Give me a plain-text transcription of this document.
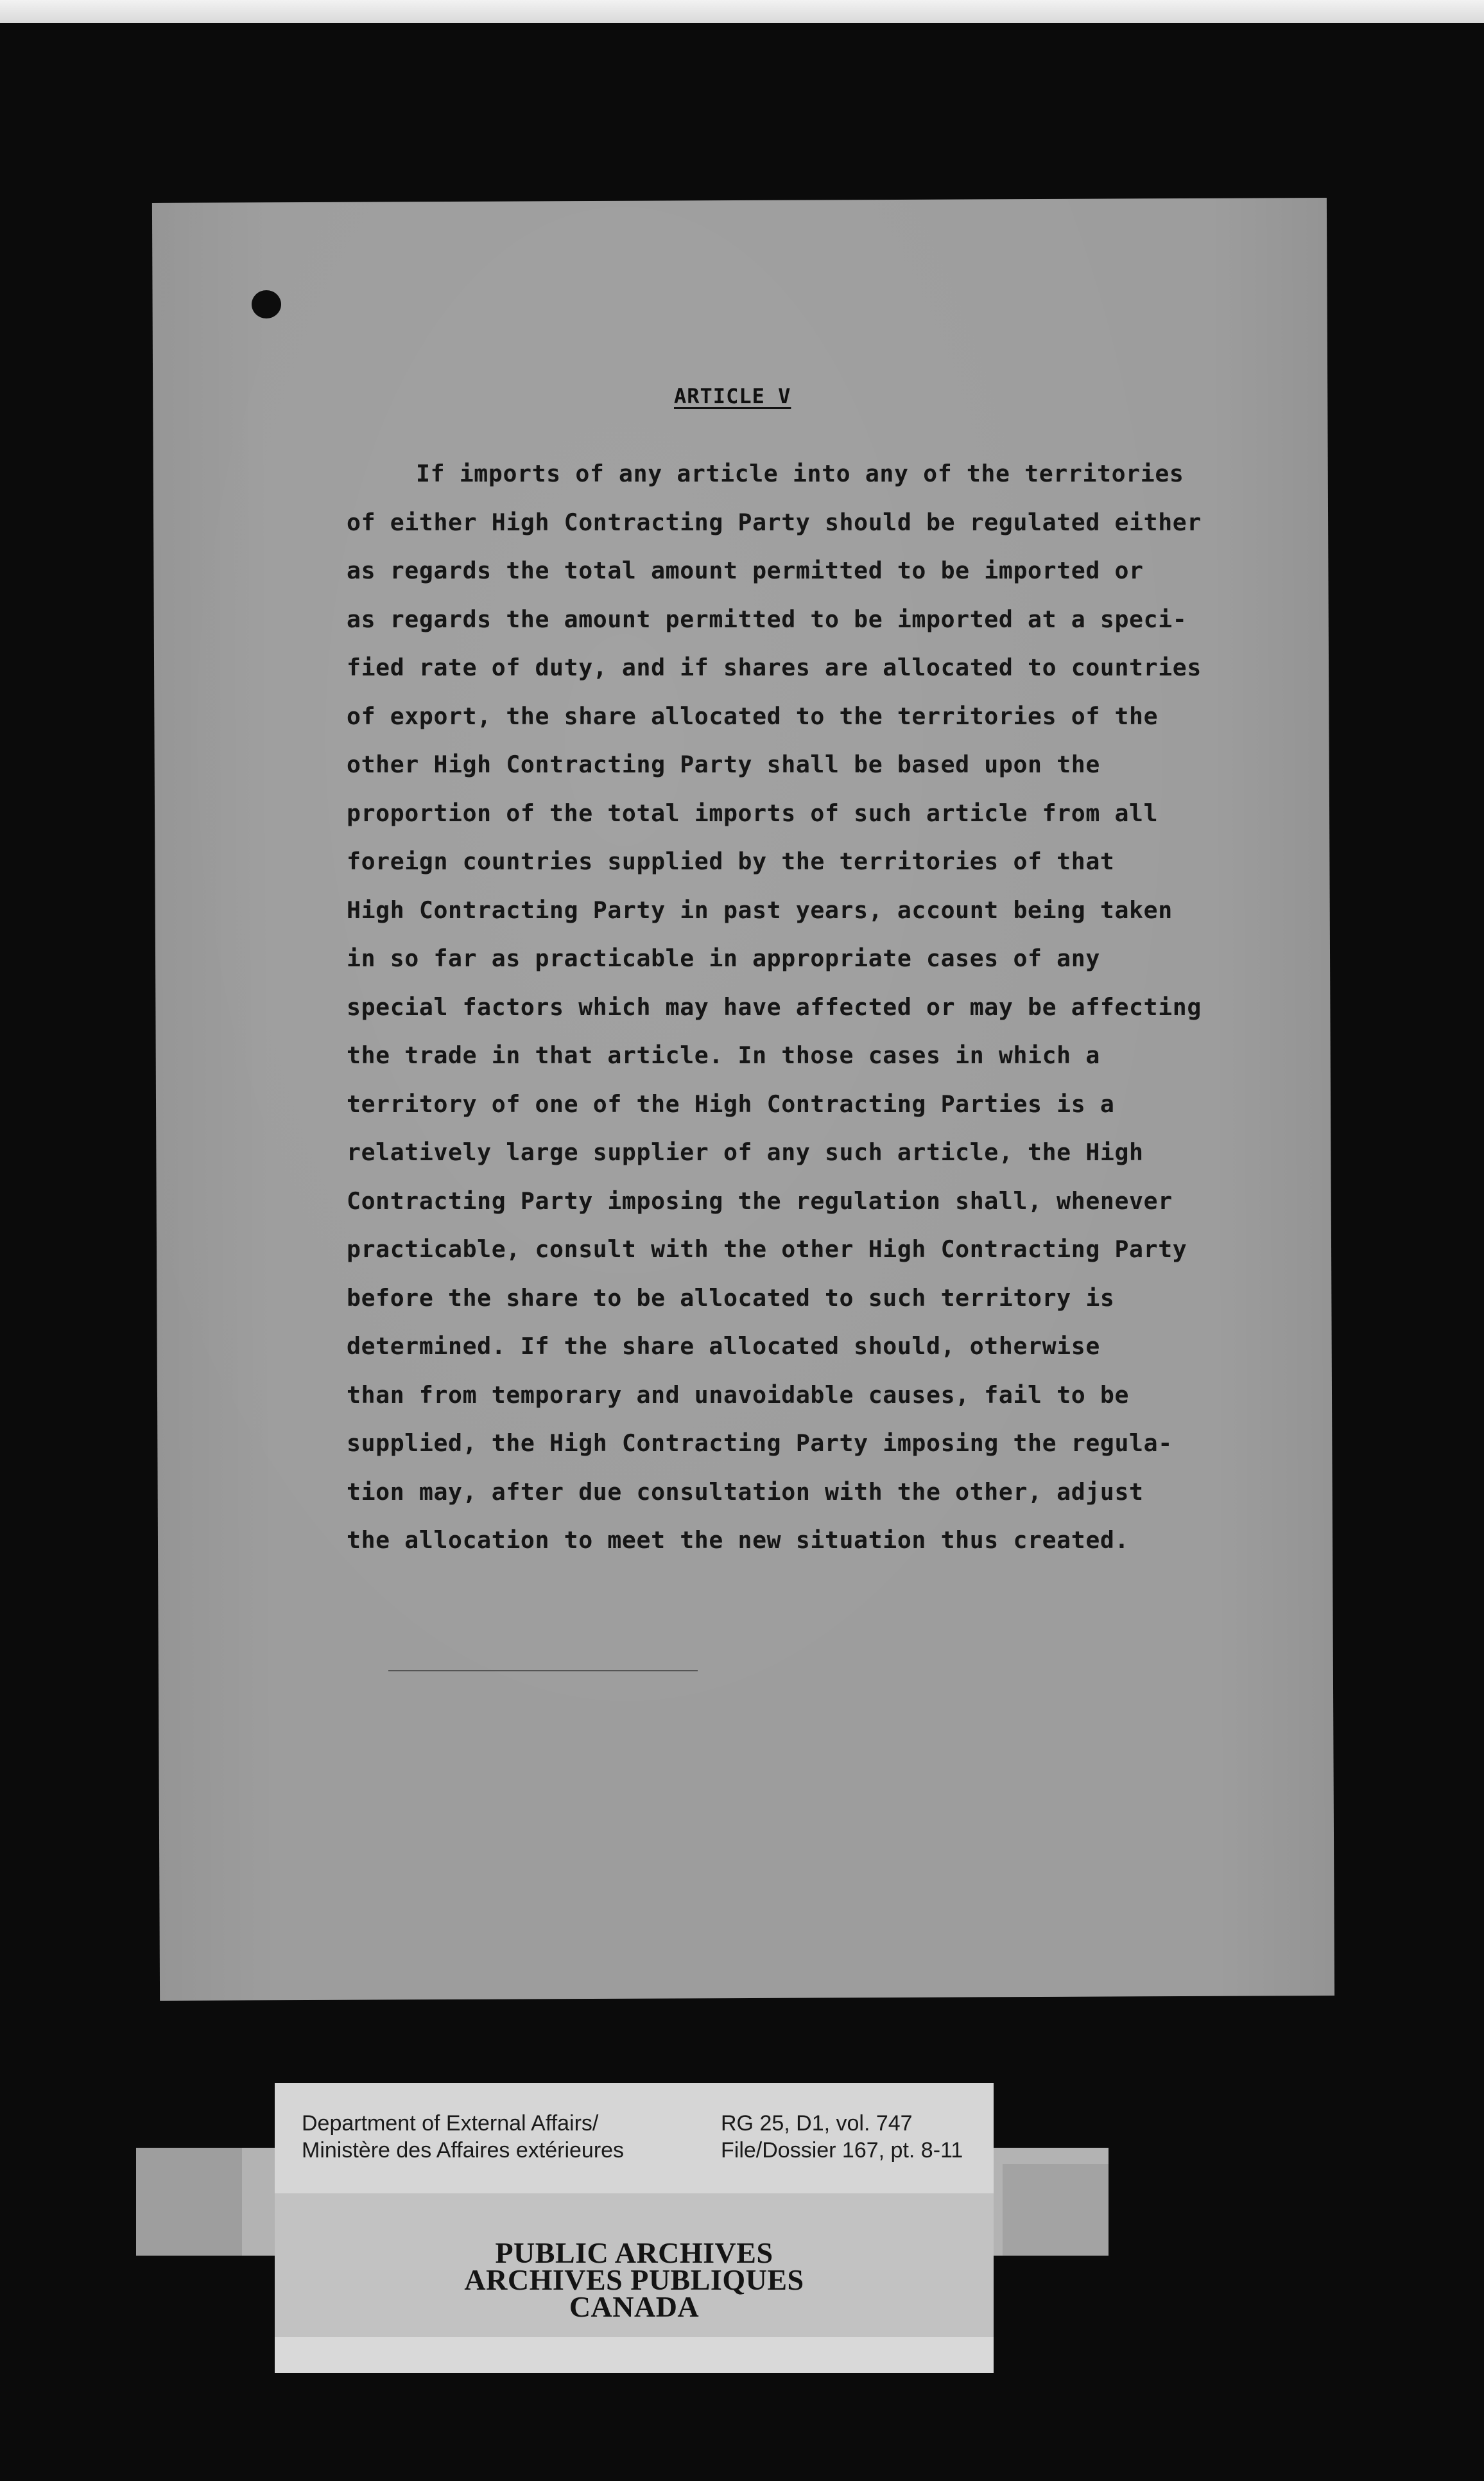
ARTICLE V
If imports of any article into any of the territories
of either High Contracting Party should be regulated either
as regards the total amount permitted to be imported or
as regards the amount permitted to be imported at a speci-
fied rate of duty, and if shares are allocated to countries
of export, the share allocated to the territories of the
other High Contracting Party shall be based upon the
proportion of the total imports of such article from all
foreign countries supplied by the territories of that
High Contracting Party in past years, account being taken
in so far as practicable in appropriate cases of any
special factors which may have affected or may be affecting
the trade in that article. In those cases in which a
territory of one of the High Contracting Parties is a
relatively large supplier of any such article, the High
Contracting Party imposing the regulation shall, whenever
practicable, consult with the other High Contracting Party
before the share to be allocated to such territory is
determined. If the share allocated should, otherwise
than from temporary and unavoidable causes, fail to be
supplied, the High Contracting Party imposing the regula-
tion may, after due consultation with the other, adjust
the allocation to meet the new situation thus created.
Department of External Affairs/
Ministère des Affaires extérieures
RG 25, D1, vol. 747
File/Dossier 167, pt. 8-11
PUBLIC ARCHIVES
ARCHIVES PUBLIQUES
CANADA
